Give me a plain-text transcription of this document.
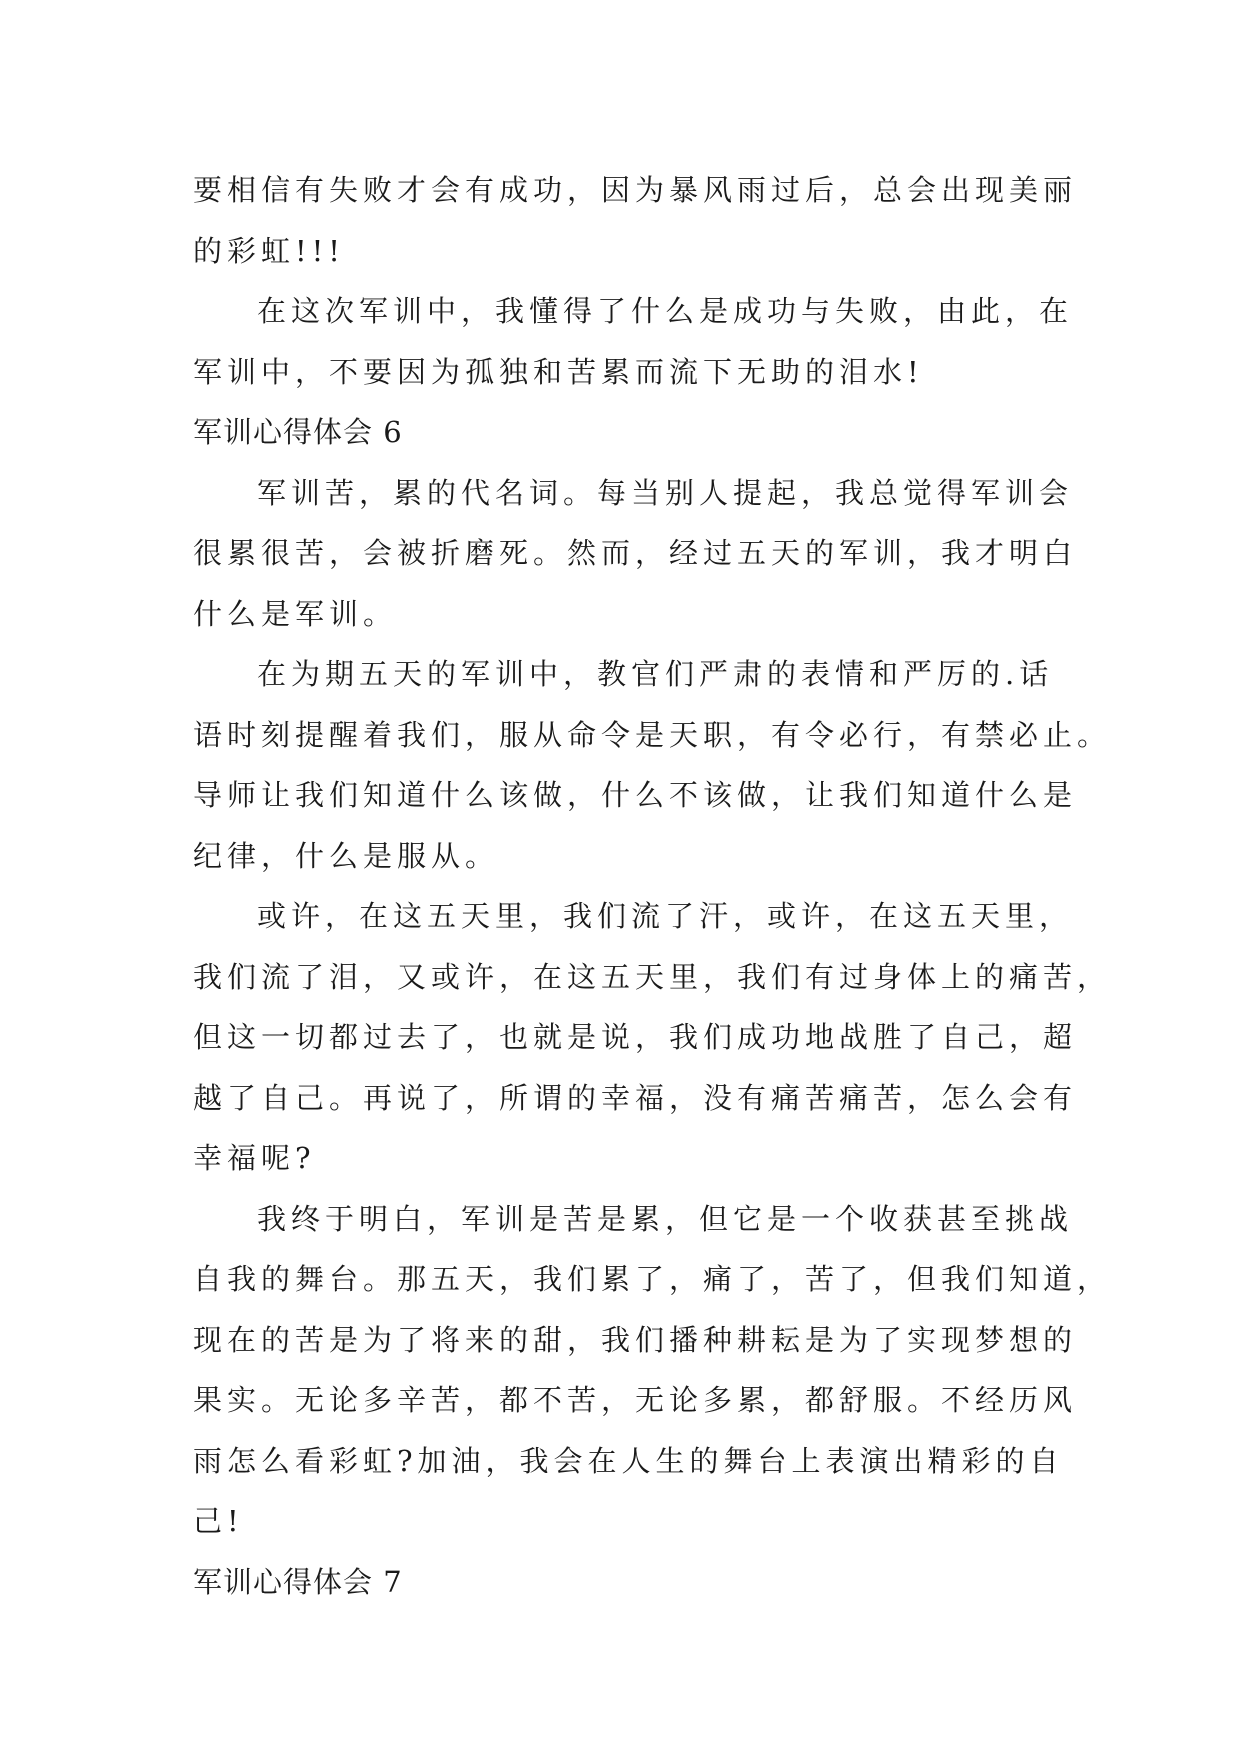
要相信有失败才会有成功，因为暴风雨过后，总会出现美丽
的彩虹!!!
在这次军训中，我懂得了什么是成功与失败，由此，在
军训中，不要因为孤独和苦累而流下无助的泪水!
军训心得体会 6
军训苦，累的代名词。每当别人提起，我总觉得军训会
很累很苦，会被折磨死。然而，经过五天的军训，我才明白
什么是军训。
在为期五天的军训中，教官们严肃的表情和严厉的.话
语时刻提醒着我们，服从命令是天职，有令必行，有禁必止。
导师让我们知道什么该做，什么不该做，让我们知道什么是
纪律，什么是服从。
或许，在这五天里，我们流了汗，或许，在这五天里，
我们流了泪，又或许，在这五天里，我们有过身体上的痛苦，
但这一切都过去了，也就是说，我们成功地战胜了自己，超
越了自己。再说了，所谓的幸福，没有痛苦痛苦，怎么会有
幸福呢?
我终于明白，军训是苦是累，但它是一个收获甚至挑战
自我的舞台。那五天，我们累了，痛了，苦了，但我们知道，
现在的苦是为了将来的甜，我们播种耕耘是为了实现梦想的
果实。无论多辛苦，都不苦，无论多累，都舒服。不经历风
雨怎么看彩虹?加油，我会在人生的舞台上表演出精彩的自
己!
军训心得体会 7
